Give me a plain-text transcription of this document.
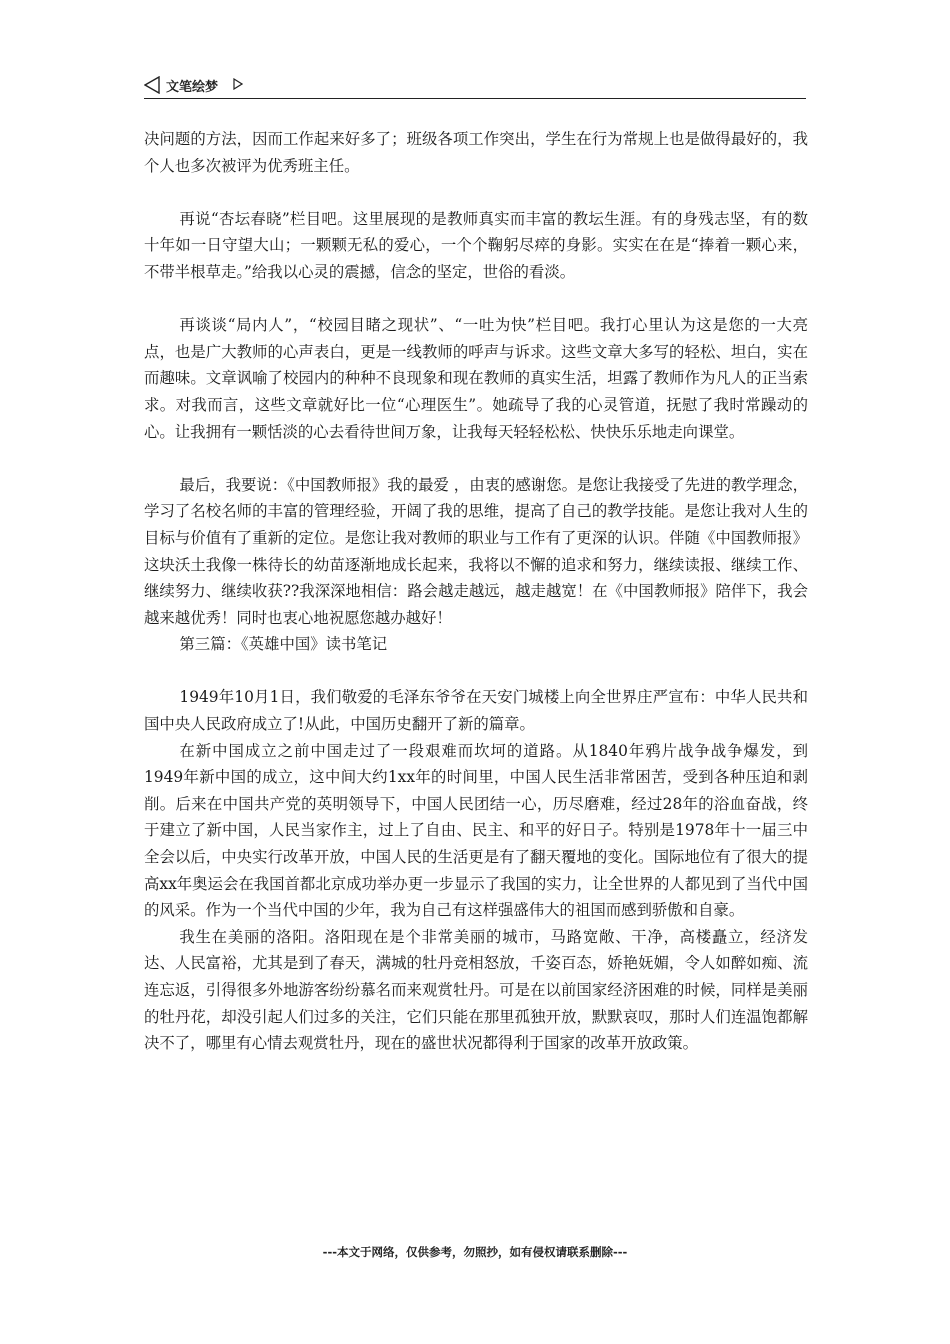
文笔绘梦

决问题的方法，因而工作起来好多了；班级各项工作突出，学生在行为常规上也是做得最好的，我个人也多次被评为优秀班主任。

再说“杏坛春晓”栏目吧。这里展现的是教师真实而丰富的教坛生涯。有的身残志坚，有的数十年如一日守望大山；一颗颗无私的爱心，一个个鞠躬尽瘁的身影。实实在在是“捧着一颗心来，不带半根草走。”给我以心灵的震撼，信念的坚定，世俗的看淡。

再谈谈“局内人”，“校园目睹之现状”、“一吐为快”栏目吧。我打心里认为这是您的一大亮点，也是广大教师的心声表白，更是一线教师的呼声与诉求。这些文章大多写的轻松、坦白，实在而趣味。文章讽喻了校园内的种种不良现象和现在教师的真实生活，坦露了教师作为凡人的正当索求。对我而言，这些文章就好比一位“心理医生”。她疏导了我的心灵管道，抚慰了我时常躁动的心。让我拥有一颗恬淡的心去看待世间万象，让我每天轻轻松松、快快乐乐地走向课堂。

最后，我要说：《中国教师报》我的最爱 ，由衷的感谢您。是您让我接受了先进的教学理念，学习了名校名师的丰富的管理经验，开阔了我的思维，提高了自己的教学技能。是您让我对人生的目标与价值有了重新的定位。是您让我对教师的职业与工作有了更深的认识。伴随《中国教师报》这块沃土我像一株待长的幼苗逐渐地成长起来，我将以不懈的追求和努力，继续读报、继续工作、继续努力、继续收获??我深深地相信：路会越走越远，越走越宽！在《中国教师报》陪伴下，我会越来越优秀！同时也衷心地祝愿您越办越好！

第三篇：《英雄中国》读书笔记

1949年10月1日，我们敬爱的毛泽东爷爷在天安门城楼上向全世界庄严宣布：中华人民共和国中央人民政府成立了!从此，中国历史翻开了新的篇章。

在新中国成立之前中国走过了一段艰难而坎坷的道路。从1840年鸦片战争战争爆发，到1949年新中国的成立，这中间大约1xx年的时间里，中国人民生活非常困苦，受到各种压迫和剥削。后来在中国共产党的英明领导下，中国人民团结一心，历尽磨难，经过28年的浴血奋战，终于建立了新中国，人民当家作主，过上了自由、民主、和平的好日子。特别是1978年十一届三中全会以后，中央实行改革开放，中国人民的生活更是有了翻天覆地的变化。国际地位有了很大的提高xx年奥运会在我国首都北京成功举办更一步显示了我国的实力，让全世界的人都见到了当代中国的风采。作为一个当代中国的少年，我为自己有这样强盛伟大的祖国而感到骄傲和自豪。

我生在美丽的洛阳。洛阳现在是个非常美丽的城市，马路宽敞、干净，高楼矗立，经济发达、人民富裕，尤其是到了春天，满城的牡丹竞相怒放，千姿百态，娇艳妩媚，令人如醉如痴、流连忘返，引得很多外地游客纷纷慕名而来观赏牡丹。可是在以前国家经济困难的时候，同样是美丽的牡丹花，却没引起人们过多的关注，它们只能在那里孤独开放，默默哀叹，那时人们连温饱都解决不了，哪里有心情去观赏牡丹，现在的盛世状况都得利于国家的改革开放政策。

---本文于网络，仅供参考，勿照抄，如有侵权请联系删除---
